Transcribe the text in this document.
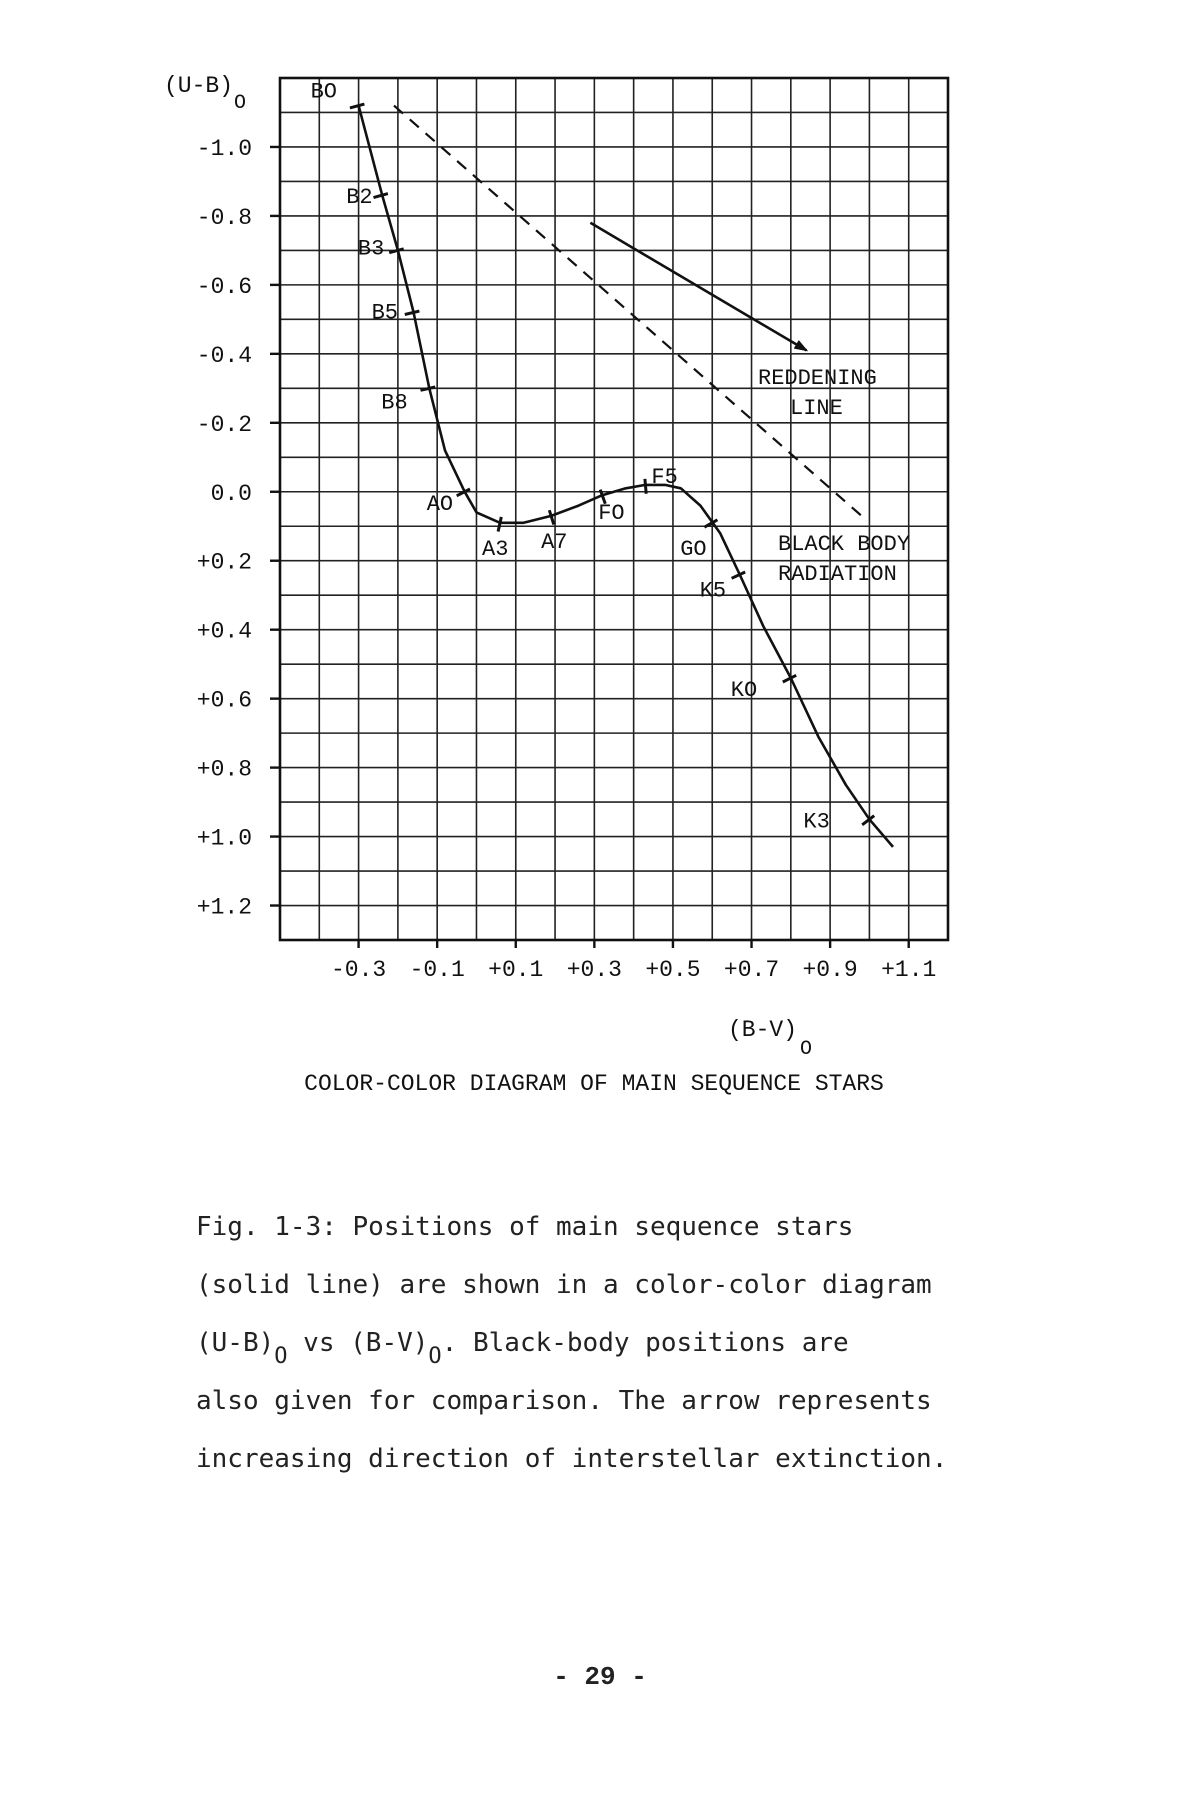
-1.0
-0.8
-0.6
-0.4
-0.2
0.0
+0.2
+0.4
+0.6
+0.8
+1.0
+1.2
-0.3 -0.1 +0.1 +0.3 +0.5 +0.7 +0.9 +1.1
BO
B2
B3
B5
B8
AO
A3 A7
FO
F5
GO
K5
KO
K3
(U-B)
O
(B-V)
O
COLOR-COLOR DIAGRAM OF MAIN SEQUENCE STARS
REDDENING
LINE
BLACK BODY
RADIATION
Fig. 1-3: Positions of main sequence stars
(solid line) are shown in a color-color diagram
$(U-B)_O$ vs $(B-V)_O$. Black-body positions are
also given for comparison. The arrow represents
increasing direction of interstellar extinction.
- 29 -
